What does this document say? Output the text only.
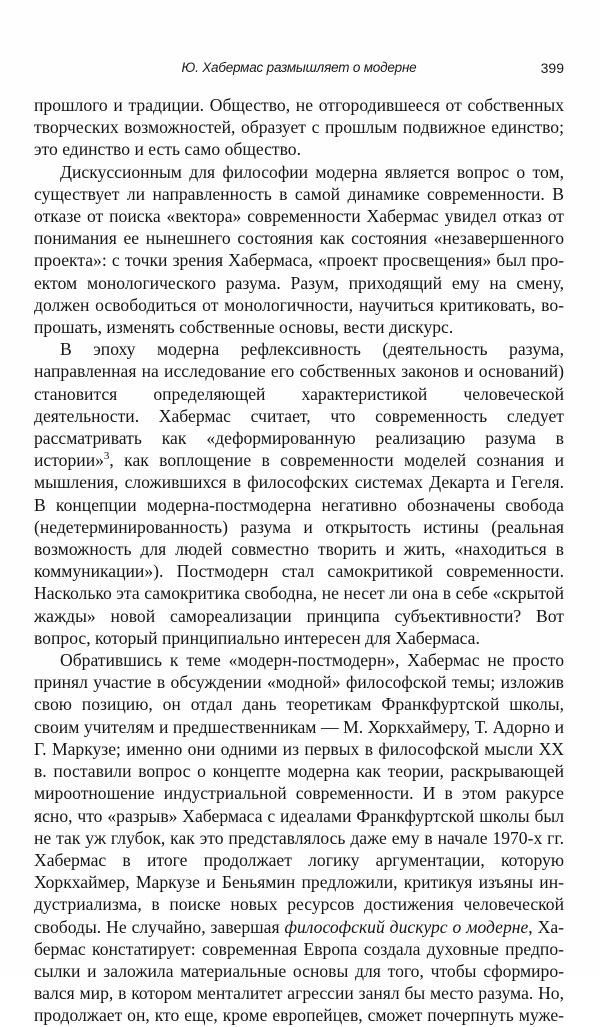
Ю. Хабермас размышляет о модерне	399

прошлого и традиции. Общество, не отгородившееся от собственных творческих возможностей, образует с прошлым подвижное единство; это единство и есть само общество.

Дискуссионным для философии модерна является вопрос о том, существует ли направленность в самой динамике современности. В отказе от поиска «вектора» современности Хабермас увидел отказ от понимания ее нынешнего состояния как состояния «незавершенного проекта»: с точки зрения Хабермаса, «проект просвещения» был проектом монологического разума. Разум, приходящий ему на смену, должен освободиться от монологичности, научиться критиковать, вопрошать, изменять собственные основы, вести дискурс.

В эпоху модерна рефлексивность (деятельность разума, направленная на исследование его собственных законов и оснований) становится определяющей характеристикой человеческой деятельности. Хабермас считает, что современность следует рассматривать как «деформированную реализацию разума в истории»$^3$, как воплощение в современности моделей сознания и мышления, сложившихся в философских системах Декарта и Гегеля. В концепции модерна-постмодерна негативно обозначены свобода (недетерминированность) разума и открытость истины (реальная возможность для людей совместно творить и жить, «находиться в коммуникации»). Постмодерн стал самокритикой современности. Насколько эта самокритика свободна, не несет ли она в себе «скрытой жажды» новой самореализации принципа субъективности? Вот вопрос, который принципиально интересен для Хабермаса.

Обратившись к теме «модерн-постмодерн», Хабермас не просто принял участие в обсуждении «модной» философской темы; изложив свою позицию, он отдал дань теоретикам Франкфуртской школы, своим учителям и предшественникам — М. Хоркхаймеру, Т. Адорно и Г. Маркузе; именно они одними из первых в философской мысли XX в. поставили вопрос о концепте модерна как теории, раскрывающей мироотношение индустриальной современности. И в этом ракурсе ясно, что «разрыв» Хабермаса с идеалами Франкфуртской школы был не так уж глубок, как это представлялось даже ему в начале 1970-х гг. Хабермас в итоге продолжает логику аргументации, которую Хоркхаймер, Маркузе и Беньямин предложили, критикуя изъяны индустриализма, в поиске новых ресурсов достижения человеческой свободы. Не случайно, завершая философский дискурс о модерне, Хабермас констатирует: современная Европа создала духовные предпосылки и заложила материальные основы для того, чтобы сформировался мир, в котором менталитет агрессии занял бы место разума. Но, продолжает он, кто еще, кроме европейцев, сможет почерпнуть муже-
